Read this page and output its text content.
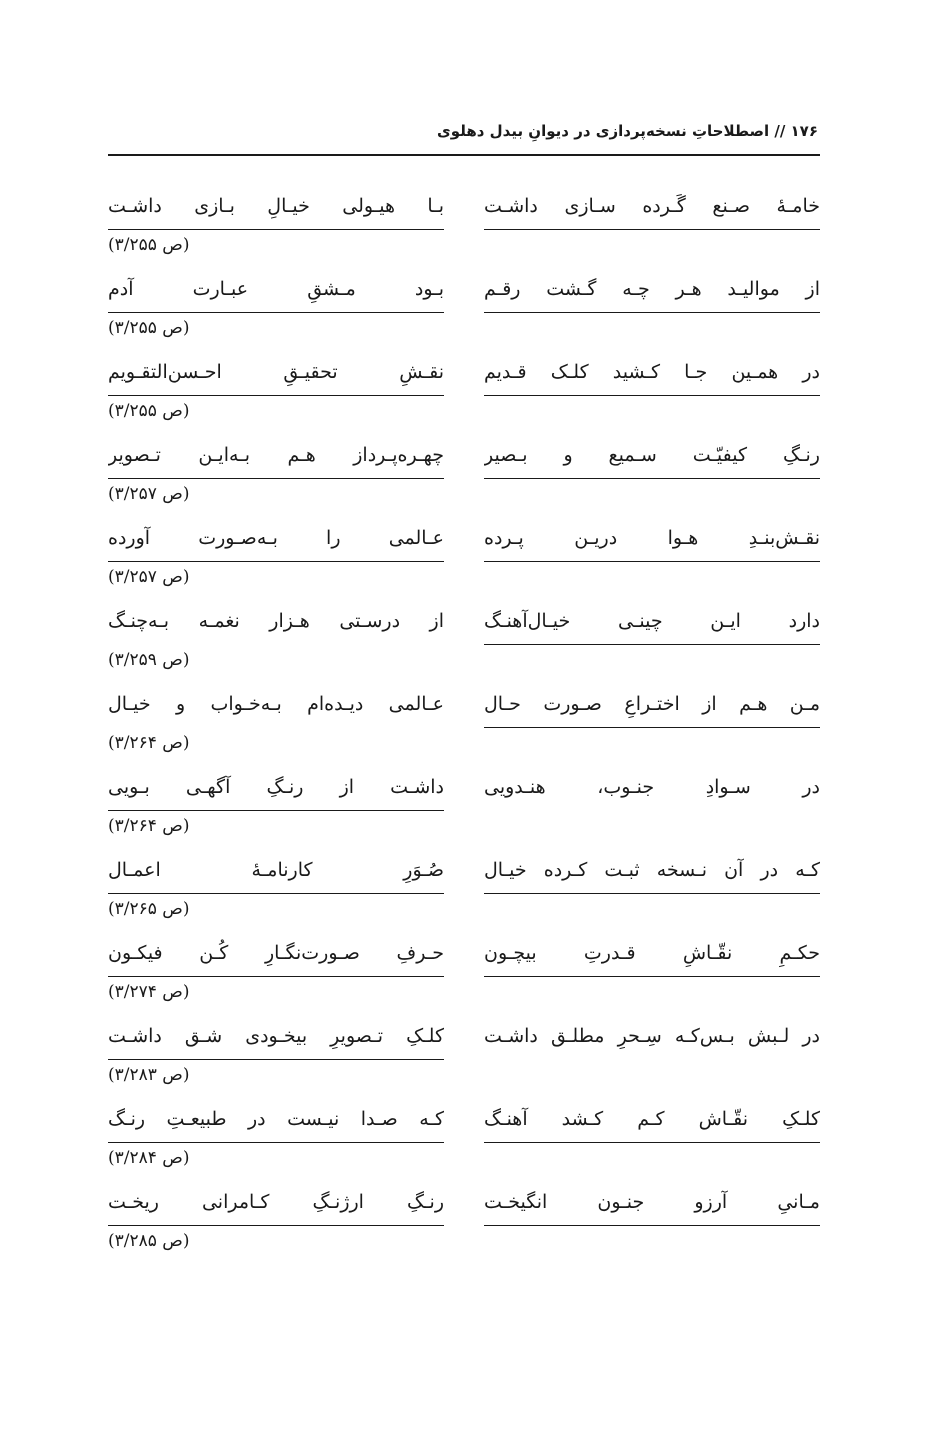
۱۷۶ // اصطلاحاتِ نسخه‌پردازی در دیوانِ بیدل دهلوی
خامـهٔ صـنع گَـرده سـازی داشـت
بـا هیـولی خیـالِ بـازی داشـت
(ص ۳/۲۵۵)
از موالیـد هـر چـه گـشت رقـم
بـود مـشقِ عبـارت آدم
(ص ۳/۲۵۵)
در همـین جـا کـشید کلـک قـدیم
نقـشِ تحقیـقِ احـسن‌التقـویم
(ص ۳/۲۵۵)
رنـگِ کیفیّـت سـمیع و بـصیر
چهـره‌پـرداز هـم بـه‌ایـن تـصویر
(ص ۳/۲۵۷)
نقـش‌بنـدِ هـوا دریـن پـرده
عـالمی را بـه‌صـورت آورده
(ص ۳/۲۵۷)
دارد ایـن چینـی خیـال‌آهنـگ
از درسـتی هـزار نغمـه بـه‌چنـگ
(ص ۳/۲۵۹)
مـن هـم از اختـراعِ صـورت حـال
عـالمی دیـده‌ام بـه‌خـواب و خیـال
(ص ۳/۲۶۴)
در سـوادِ جنـوب، هنـدویی
داشـت از رنـگِ آگهـی بـویی
(ص ۳/۲۶۴)
کـه در آن نـسخه ثبـت کـرده خیـال
صُـوَرِ کارنامـهٔ اعمـال
(ص ۳/۲۶۵)
حکـمِ نقّـاشِ قـدرتِ بیچـون
حـرفِ صـورت‌نگـارِ کُـن فیکـون
(ص ۳/۲۷۴)
در لـبش بـس‌کـه سِـحرِ مطلـق داشـت
کلـکِ تـصویرِ بیخـودی شـق داشـت
(ص ۳/۲۸۳)
کلـکِ نقّـاش کـم کـشد آهنـگ
کـه صـدا نیـست در طبیعـتِ رنـگ
(ص ۳/۲۸۴)
مـانیِ آرزو جنـون انگیخـت
رنـگِ ارژنـگِ کـامرانی ریخـت
(ص ۳/۲۸۵)
